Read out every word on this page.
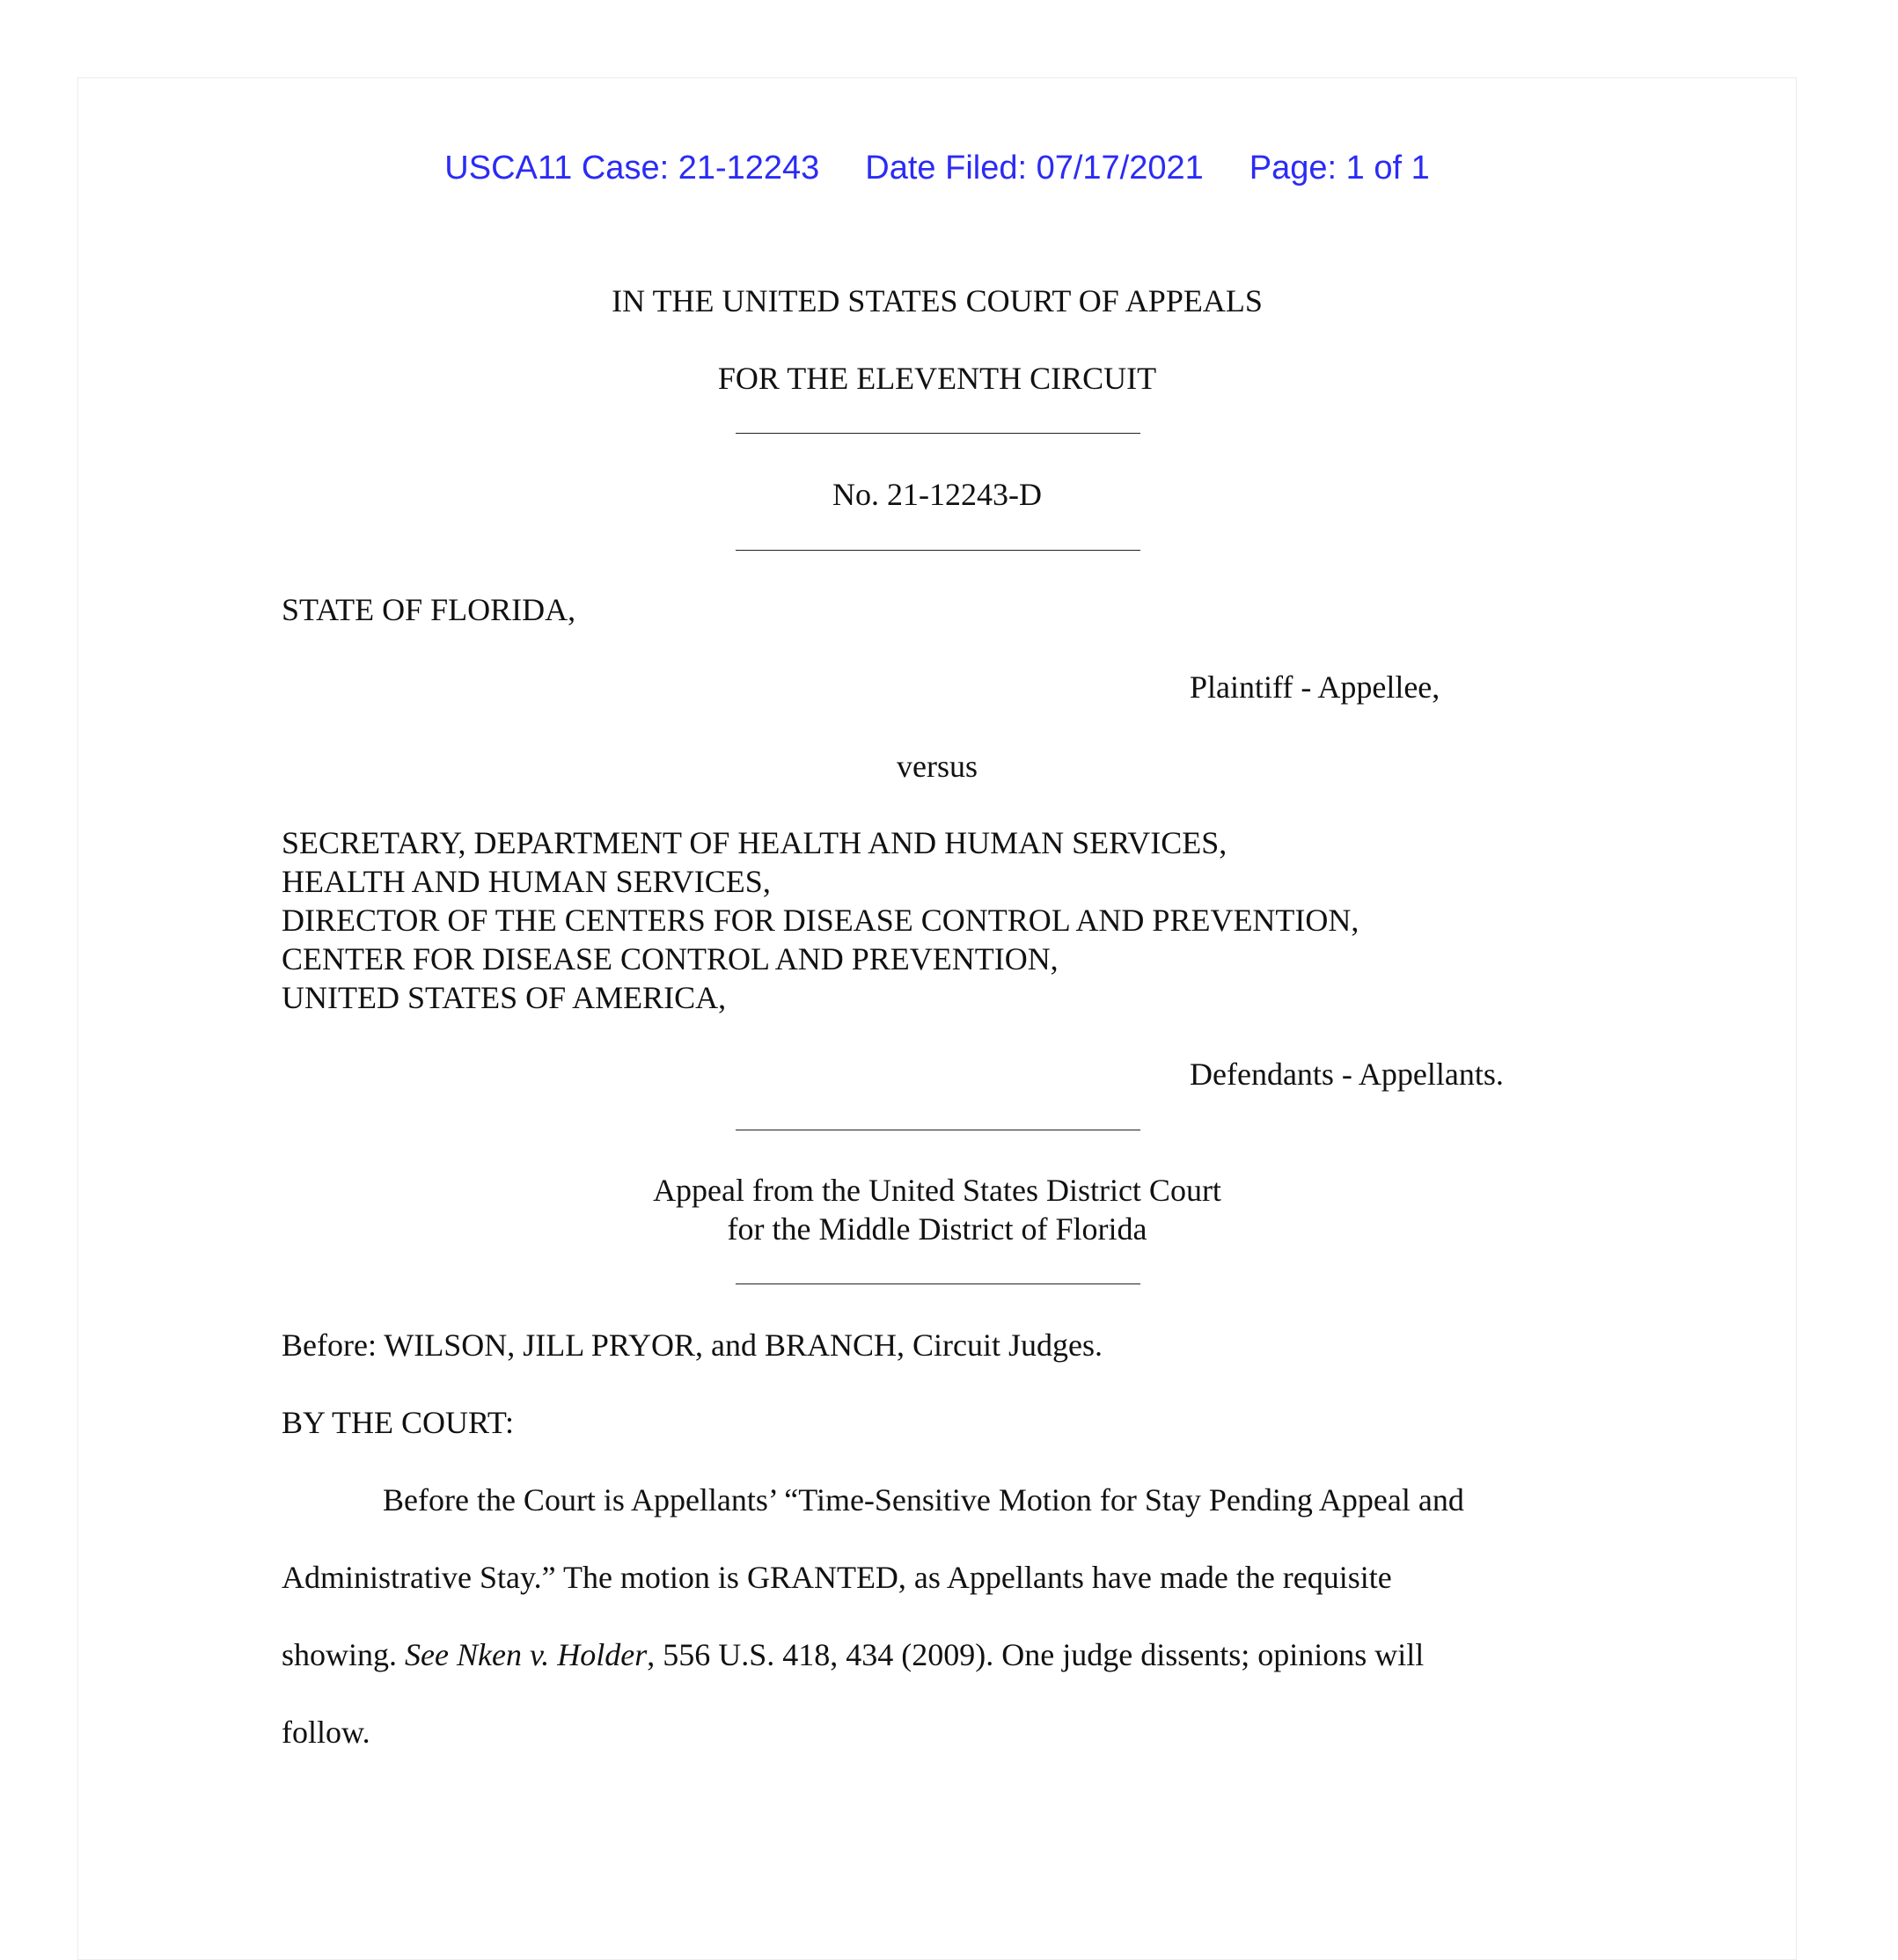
USCA11 Case: 21-12243 Date Filed: 07/17/2021 Page: 1 of 1
IN THE UNITED STATES COURT OF APPEALS
FOR THE ELEVENTH CIRCUIT
No. 21-12243-D
STATE OF FLORIDA,
Plaintiff - Appellee,
versus
SECRETARY, DEPARTMENT OF HEALTH AND HUMAN SERVICES,
HEALTH AND HUMAN SERVICES,
DIRECTOR OF THE CENTERS FOR DISEASE CONTROL AND PREVENTION,
CENTER FOR DISEASE CONTROL AND PREVENTION,
UNITED STATES OF AMERICA,
Defendants - Appellants.
Appeal from the United States District Court
for the Middle District of Florida
Before: WILSON, JILL PRYOR, and BRANCH, Circuit Judges.
BY THE COURT:
Before the Court is Appellants’ “Time-Sensitive Motion for Stay Pending Appeal and
Administrative Stay.” The motion is GRANTED, as Appellants have made the requisite
showing. See Nken v. Holder, 556 U.S. 418, 434 (2009). One judge dissents; opinions will
follow.
